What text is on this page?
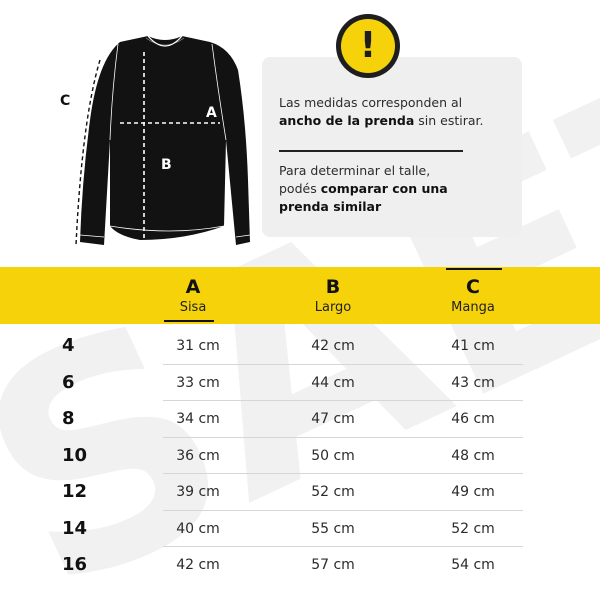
!
Las medidas corresponden al
ancho de la prenda sin estirar.
Para determinar el talle,
podés comparar con una
prenda similar
A
B
C
A
Sisa
B
Largo
C
Manga
4	31 cm	42 cm	41 cm
6	33 cm	44 cm	43 cm
8	34 cm	47 cm	46 cm
10	36 cm	50 cm	48 cm
12	39 cm	52 cm	49 cm
14	40 cm	55 cm	52 cm
16	42 cm	57 cm	54 cm
